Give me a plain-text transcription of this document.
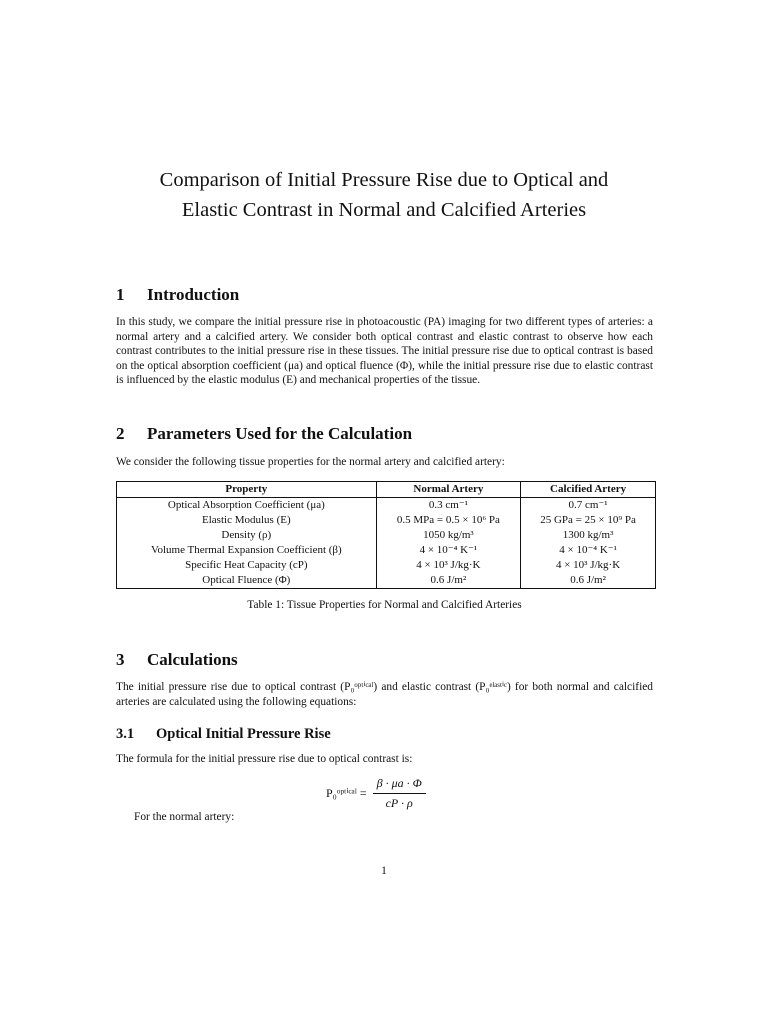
Comparison of Initial Pressure Rise due to Optical and
Elastic Contrast in Normal and Calcified Arteries
1 Introduction
In this study, we compare the initial pressure rise in photoacoustic (PA) imaging for two different types of arteries: a normal artery and a calcified artery. We consider both optical contrast and elastic contrast to observe how each contrast contributes to the initial pressure rise in these tissues. The initial pressure rise due to optical contrast is based on the optical absorption coefficient (μa) and optical fluence (Φ), while the initial pressure rise due to elastic contrast is influenced by the elastic modulus (E) and mechanical properties of the tissue.
2 Parameters Used for the Calculation
We consider the following tissue properties for the normal artery and calcified artery:
Property	Normal Artery	Calcified Artery
Optical Absorption Coefficient (μa)	0.3 cm⁻¹	0.7 cm⁻¹
Elastic Modulus (E)	0.5 MPa = 0.5 × 10⁶ Pa	25 GPa = 25 × 10⁹ Pa
Density (ρ)	1050 kg/m³	1300 kg/m³
Volume Thermal Expansion Coefficient (β)	4 × 10⁻⁴ K⁻¹	4 × 10⁻⁴ K⁻¹
Specific Heat Capacity (cP)	4 × 10³ J/kg·K	4 × 10³ J/kg·K
Optical Fluence (Φ)	0.6 J/m²	0.6 J/m²
Table 1: Tissue Properties for Normal and Calcified Arteries
3 Calculations
The initial pressure rise due to optical contrast (P₀ᵒᵖᵗⁱᶜᵃˡ) and elastic contrast (P₀ᵉˡᵃˢᵗⁱᶜ) for both normal and calcified arteries are calculated using the following equations:
3.1 Optical Initial Pressure Rise
The formula for the initial pressure rise due to optical contrast is:
P₀ᵒᵖᵗⁱᶜᵃˡ = $\frac{\beta \cdot \mu a \cdot \Phi}{cP \cdot \rho}$
For the normal artery:
1
